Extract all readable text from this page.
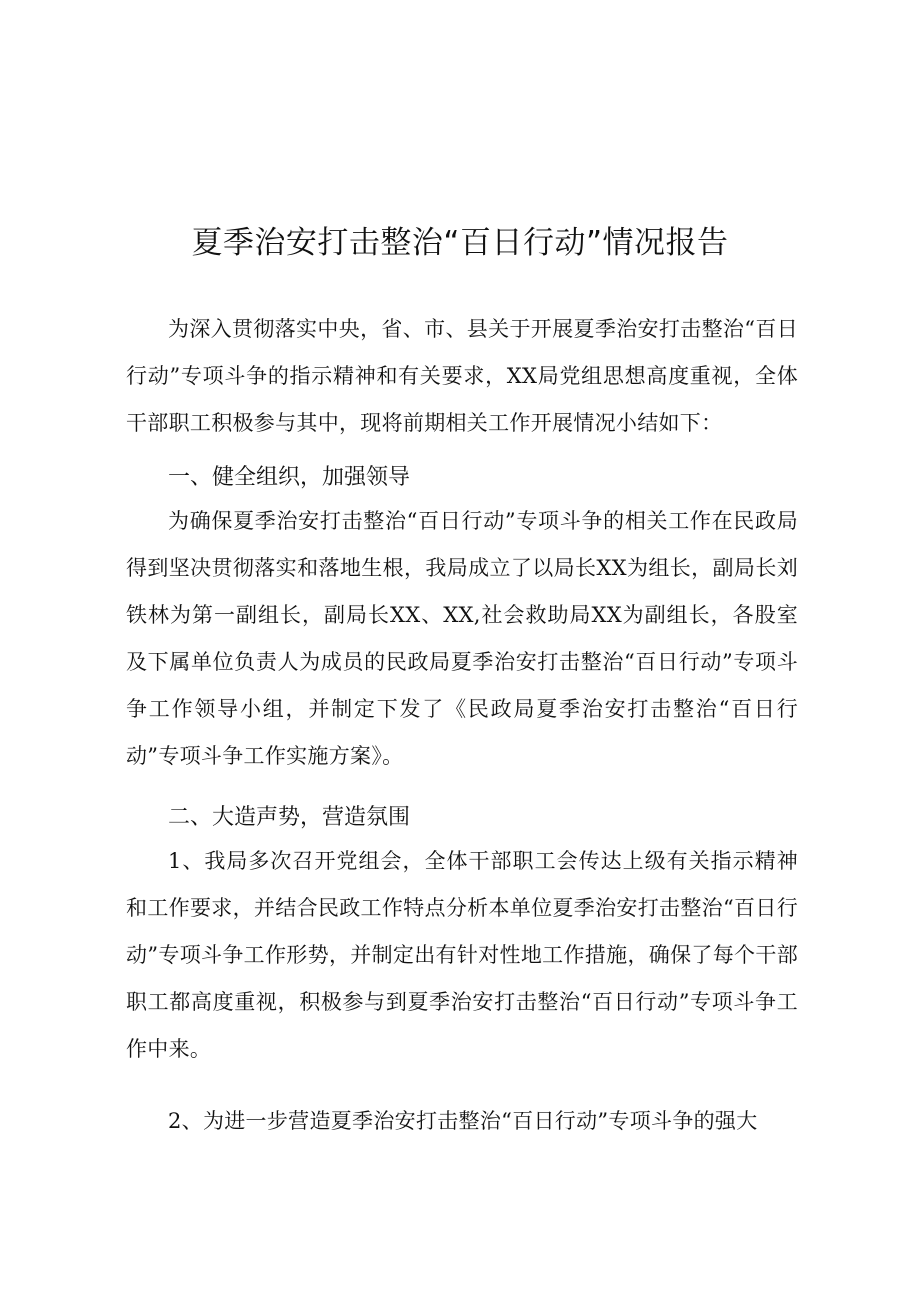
夏季治安打击整治“百日行动”情况报告

为深入贯彻落实中央，省、市、县关于开展夏季治安打击整治“百日行动”专项斗争的指示精神和有关要求，XX局党组思想高度重视，全体干部职工积极参与其中，现将前期相关工作开展情况小结如下：

一、健全组织，加强领导

为确保夏季治安打击整治“百日行动”专项斗争的相关工作在民政局得到坚决贯彻落实和落地生根，我局成立了以局长XX为组长，副局长刘铁林为第一副组长，副局长XX、XX,社会救助局XX为副组长，各股室及下属单位负责人为成员的民政局夏季治安打击整治“百日行动”专项斗争工作领导小组，并制定下发了《民政局夏季治安打击整治“百日行动”专项斗争工作实施方案》。

二、大造声势，营造氛围

1、我局多次召开党组会，全体干部职工会传达上级有关指示精神和工作要求，并结合民政工作特点分析本单位夏季治安打击整治“百日行动”专项斗争工作形势，并制定出有针对性地工作措施，确保了每个干部职工都高度重视，积极参与到夏季治安打击整治“百日行动”专项斗争工作中来。

2、为进一步营造夏季治安打击整治“百日行动”专项斗争的强大
